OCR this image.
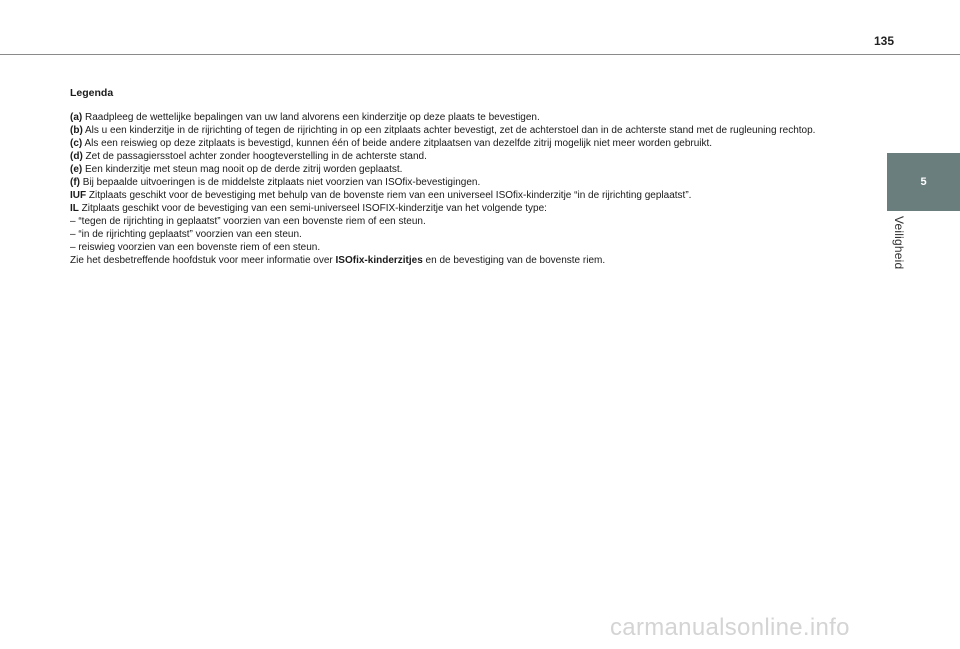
135
5
Veiligheid
Legenda

(a) Raadpleeg de wettelijke bepalingen van uw land alvorens een kinderzitje op deze plaats te bevestigen.

(b) Als u een kinderzitje in de rijrichting of tegen de rijrichting in op een zitplaats achter bevestigt, zet de achterstoel dan in de achterste stand met de rugleuning rechtop.

(c) Als een reiswieg op deze zitplaats is bevestigd, kunnen één of beide andere zitplaatsen van dezelfde zitrij mogelijk niet meer worden gebruikt.

(d) Zet de passagiersstoel achter zonder hoogteverstelling in de achterste stand.

(e) Een kinderzitje met steun mag nooit op de derde zitrij worden geplaatst.

(f) Bij bepaalde uitvoeringen is de middelste zitplaats niet voorzien van ISOfix-bevestigingen.

IUF Zitplaats geschikt voor de bevestiging met behulp van de bovenste riem van een universeel ISOfix-kinderzitje “in de rijrichting geplaatst”.

IL Zitplaats geschikt voor de bevestiging van een semi-universeel ISOFIX-kinderzitje van het volgende type:

– “tegen de rijrichting in geplaatst” voorzien van een bovenste riem of een steun.

– “in de rijrichting geplaatst” voorzien van een steun.

– reiswieg voorzien van een bovenste riem of een steun.

Zie het desbetreffende hoofdstuk voor meer informatie over ISOfix-kinderzitjes en de bevestiging van de bovenste riem.

carmanualsonline.info
